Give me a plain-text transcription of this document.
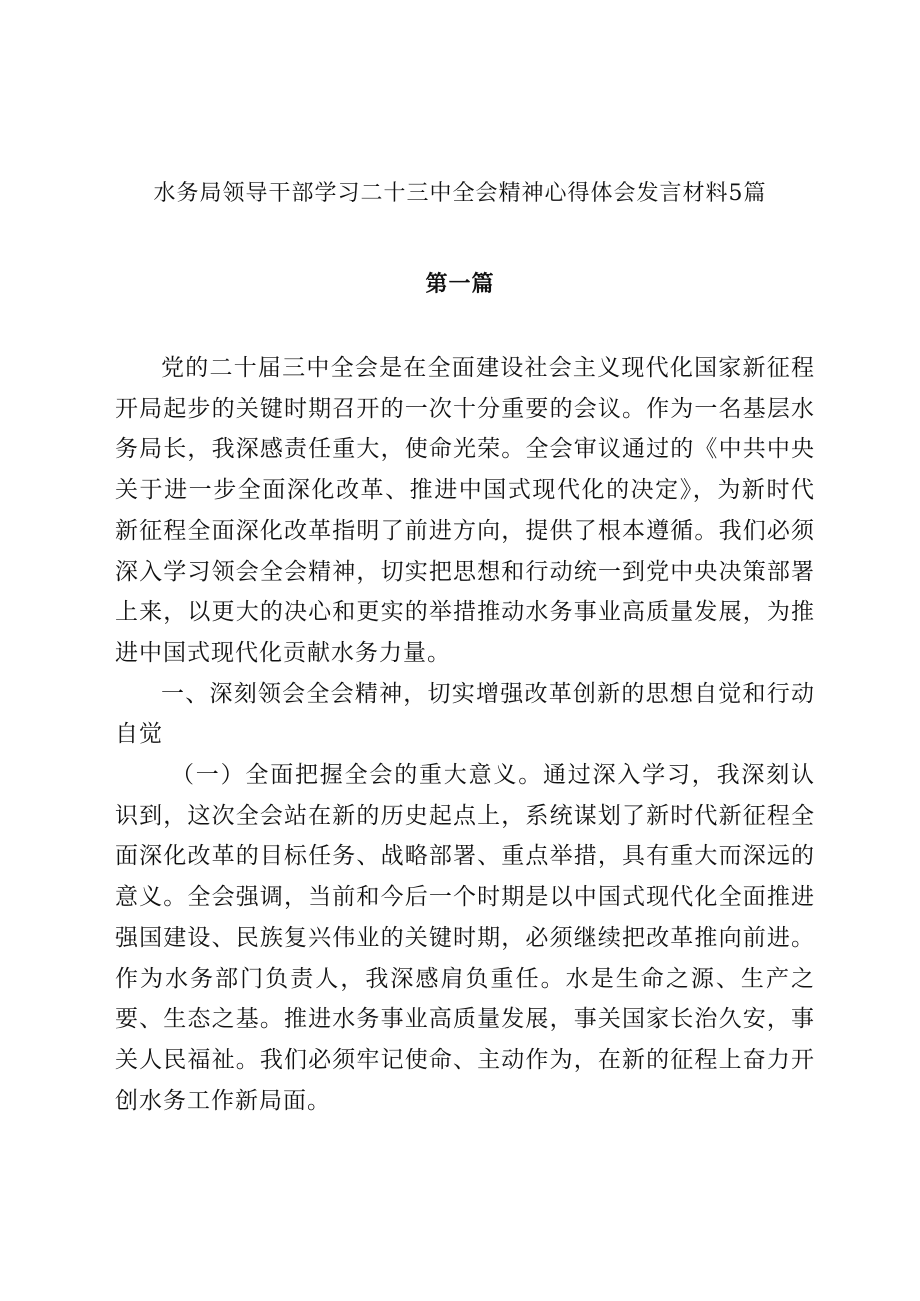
水务局领导干部学习二十三中全会精神心得体会发言材料5篇
第一篇

党的二十届三中全会是在全面建设社会主义现代化国家新征程开局起步的关键时期召开的一次十分重要的会议。作为一名基层水务局长，我深感责任重大，使命光荣。全会审议通过的《中共中央关于进一步全面深化改革、推进中国式现代化的决定》，为新时代新征程全面深化改革指明了前进方向，提供了根本遵循。我们必须深入学习领会全会精神，切实把思想和行动统一到党中央决策部署上来，以更大的决心和更实的举措推动水务事业高质量发展，为推进中国式现代化贡献水务力量。

一、深刻领会全会精神，切实增强改革创新的思想自觉和行动自觉

（一）全面把握全会的重大意义。通过深入学习，我深刻认识到，这次全会站在新的历史起点上，系统谋划了新时代新征程全面深化改革的目标任务、战略部署、重点举措，具有重大而深远的意义。全会强调，当前和今后一个时期是以中国式现代化全面推进强国建设、民族复兴伟业的关键时期，必须继续把改革推向前进。作为水务部门负责人，我深感肩负重任。水是生命之源、生产之要、生态之基。推进水务事业高质量发展，事关国家长治久安，事关人民福祉。我们必须牢记使命、主动作为，在新的征程上奋力开创水务工作新局面。
